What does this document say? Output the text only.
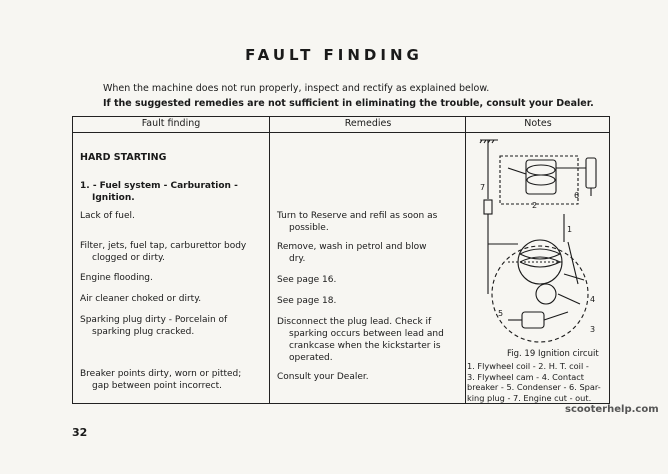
FAULT FINDING
When the machine does not run properly, inspect and rectify as explained below.
If the suggested remedies are not sufficient in eliminating the trouble, consult your Dealer.
Fault finding	Remedies	Notes
HARD STARTING
1. - Fuel system - Carburation -
Ignition.
Lack of fuel.
Filter, jets, fuel tap, carburettor body
clogged or dirty.
Engine flooding.
Air cleaner choked or dirty.
Sparking plug dirty - Porcelain of
sparking plug cracked.
Breaker points dirty, worn or pitted;
gap between point incorrect.
Turn to Reserve and refil as soon as
possible.
Remove, wash in petrol and blow
dry.
See page 16.
See page 18.
Disconnect the plug lead. Check if
sparking occurs between lead and
crankcase when the kickstarter is
operated.
Consult your Dealer.
1
2
3
4
5
6
7
Fig. 19 Ignition circuit
1. Flywheel coil - 2. H. T. coil -
3. Flywheel cam - 4. Contact
breaker - 5. Condenser - 6. Spar-
king plug - 7. Engine cut - out.
32
scooterhelp.com
